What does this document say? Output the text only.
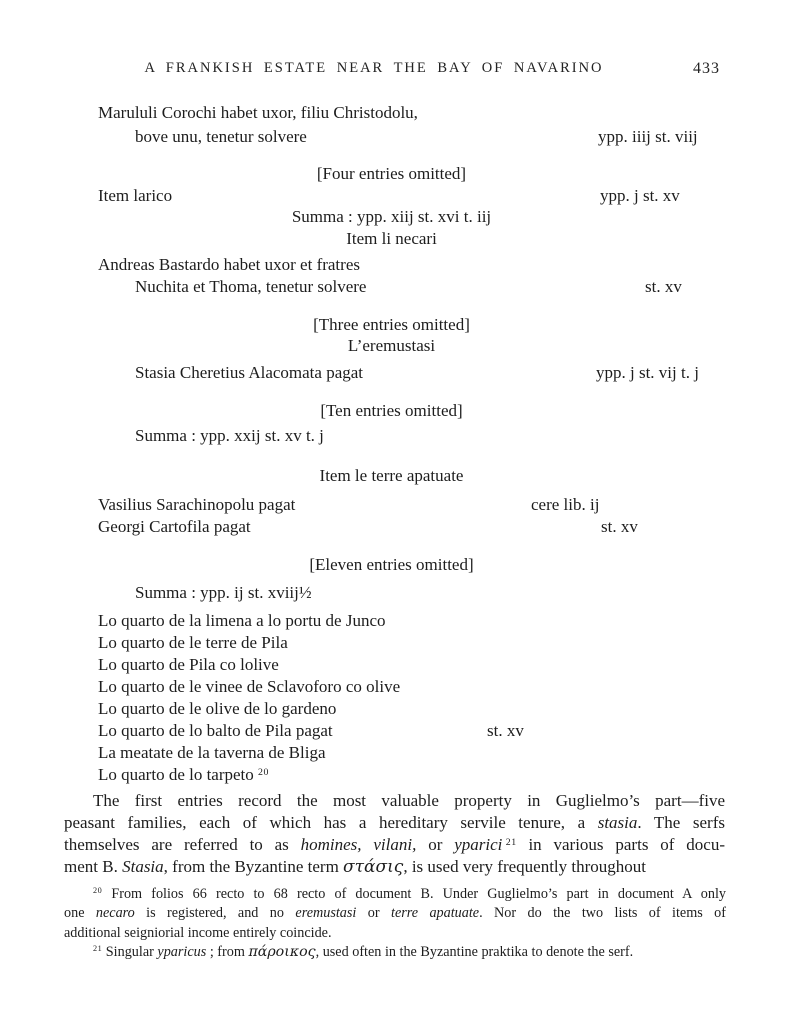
A FRANKISH ESTATE NEAR THE BAY OF NAVARINO	433
Marululi Corochi habet uxor, filiu Christodolu,
bove unu, tenetur solvere	ypp. iiij st. viij
[Four entries omitted]
Item larico	ypp. j st. xv
Summa : ypp. xiij st. xvi t. iij
Item li necari
Andreas Bastardo habet uxor et fratres
Nuchita et Thoma, tenetur solvere	st. xv
[Three entries omitted]
L’eremustasi
Stasia Cheretius Alacomata pagat	ypp. j st. vij t. j
[Ten entries omitted]
Summa : ypp. xxij st. xv t. j
Item le terre apatuate
Vasilius Sarachinopolu pagat	cere lib. ij
Georgi Cartofila pagat	st. xv
[Eleven entries omitted]
Summa : ypp. ij st. xviij½
Lo quarto de la limena a lo portu de Junco
Lo quarto de le terre de Pila
Lo quarto de Pila co lolive
Lo quarto de le vinee de Sclavoforo co olive
Lo quarto de le olive de lo gardeno
Lo quarto de lo balto de Pila pagat	st. xv
La meatate de la taverna de Bliga
Lo quarto de lo tarpeto $^{20}$
The first entries record the most valuable property in Guglielmo’s part—five
peasant families, each of which has a hereditary servile tenure, a stasia. The serfs
themselves are referred to as homines, vilani, or yparici  $^{21}$ in various parts of docu-
ment B. Stasia, from the Byzantine term στάσις, is used very frequently throughout
$^{20}$ From folios 66 recto to 68 recto of document B. Under Guglielmo’s part in document A only
one necaro is registered, and no eremustasi or terre apatuate. Nor do the two lists of items of
additional seigniorial income entirely coincide.
$^{21}$ Singular yparicus ; from πάροικος, used often in the Byzantine praktika to denote the serf.
